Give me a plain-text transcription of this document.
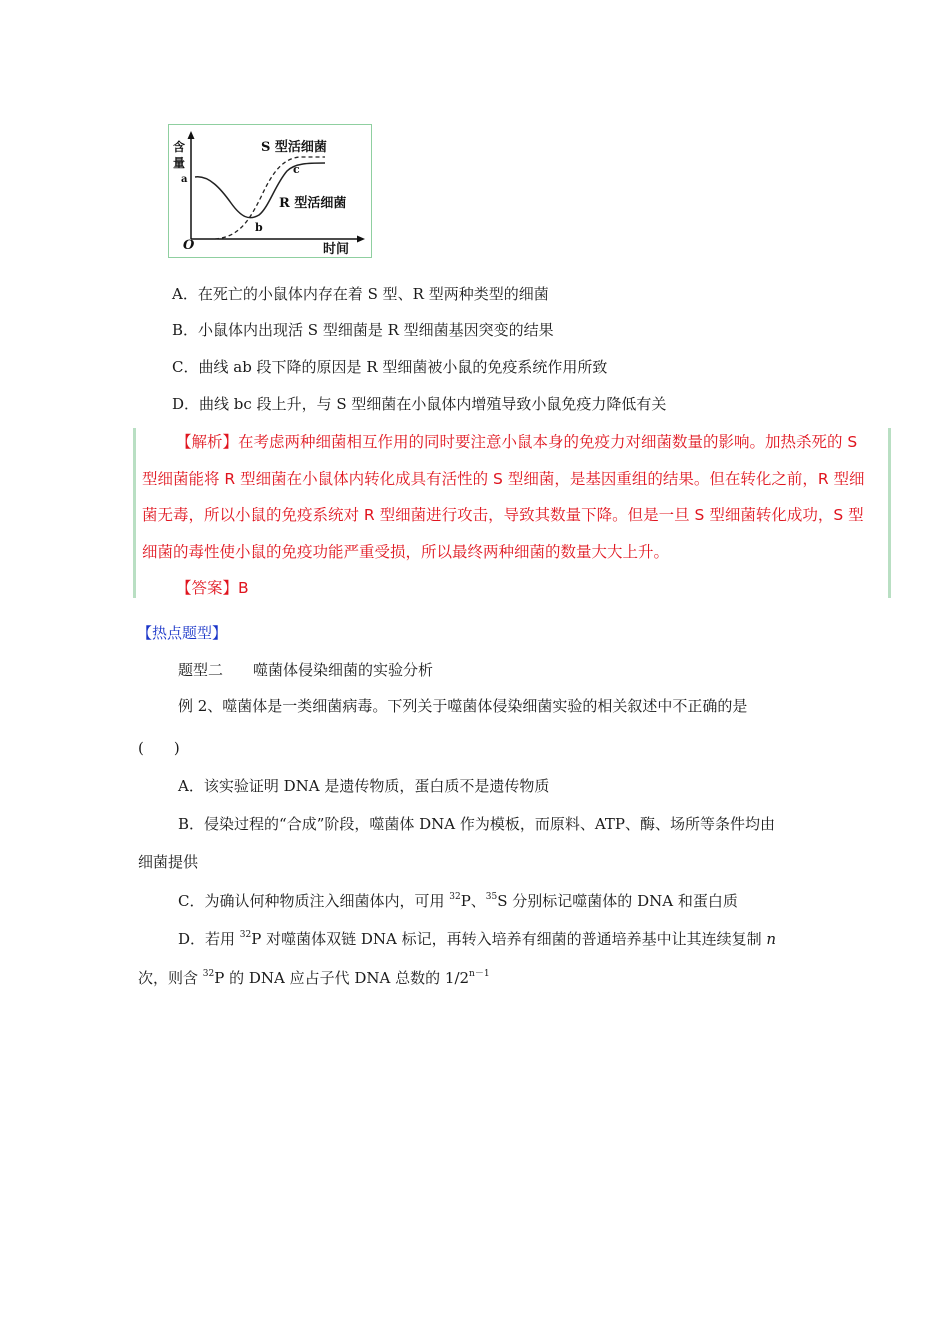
含
量
a
b
c
O	时间
S 型活细菌
R 型活细菌
A．在死亡的小鼠体内存在着 S 型、R 型两种类型的细菌
B．小鼠体内出现活 S 型细菌是 R 型细菌基因突变的结果
C．曲线 ab 段下降的原因是 R 型细菌被小鼠的免疫系统作用所致
D．曲线 bc 段上升，与 S 型细菌在小鼠体内增殖导致小鼠免疫力降低有关
【解析】在考虑两种细菌相互作用的同时要注意小鼠本身的免疫力对细菌数量的影响。加热杀死的 S
型细菌能将 R 型细菌在小鼠体内转化成具有活性的 S 型细菌，是基因重组的结果。但在转化之前，R 型细
菌无毒，所以小鼠的免疫系统对 R 型细菌进行攻击，导致其数量下降。但是一旦 S 型细菌转化成功，S 型
细菌的毒性使小鼠的免疫功能严重受损，所以最终两种细菌的数量大大上升。
【答案】B
【热点题型】
题型二　　噬菌体侵染细菌的实验分析
例 2、噬菌体是一类细菌病毒。下列关于噬菌体侵染细菌实验的相关叙述中不正确的是
(　　)
A．该实验证明 DNA 是遗传物质，蛋白质不是遗传物质
B．侵染过程的“合成”阶段，噬菌体 DNA 作为模板，而原料、ATP、酶、场所等条件均由
细菌提供
C．为确认何种物质注入细菌体内，可用 $^{32}$P、$^{35}$S 分别标记噬菌体的 DNA 和蛋白质
D．若用 $^{32}$P 对噬菌体双链 DNA 标记，再转入培养有细菌的普通培养基中让其连续复制 n
次，则含 $^{32}$P 的 DNA 应占子代 DNA 总数的 $1/2^{n-1}$
